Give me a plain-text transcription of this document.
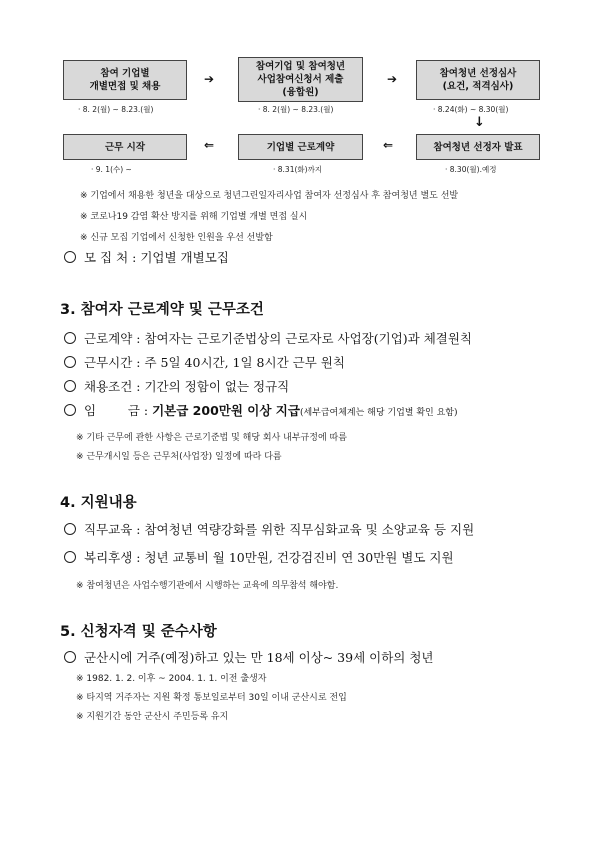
참여 기업별
개별면접 및 채용
➔
참여기업 및 참여청년
사업참여신청서 제출
(융합원)
➔	참여청년 선정심사
(요건, 적격심사)
· 8. 2(월) ~ 8.23.(월)	· 8. 2(월) ~ 8.23.(월)	· 8.24(화) ~ 8.30(월)
↓
근무 시작	⇐	기업별 근로계약	⇐	참여청년 선정자 발표
· 9. 1(수) ~	· 8.31(화)까지	· 8.30(월).예정
※ 기업에서 채용한 청년을 대상으로 청년그린일자리사업 참여자 선정심사 후 참여청년 별도 선발
※ 코로나19 감염 확산 방지를 위해 기업별 개별 면접 실시
※ 신규 모집 기업에서 신청한 인원을 우선 선발함
모 집 처 : 기업별 개별모집
3. 참여자 근로계약 및 근무조건
근로계약 : 참여자는 근로기준법상의 근로자로 사업장(기업)과 체결원칙
근무시간 : 주 5일 40시간, 1일 8시간 근무 원칙
채용조건 : 기간의 정함이 없는 정규직
임        금 : 기본급 200만원 이상 지급(세부급여체계는 해당 기업별 확인 요함)
※ 기타 근무에 관한 사항은 근로기준법 및 해당 회사 내부규정에 따름
※ 근무개시일 등은 근무처(사업장) 일정에 따라 다름
4. 지원내용
직무교육 : 참여청년 역량강화를 위한 직무심화교육 및 소양교육 등 지원
복리후생 : 청년 교통비 월 10만원, 건강검진비 연 30만원 별도 지원
※ 참여청년은 사업수행기관에서 시행하는 교육에 의무참석 해야함.
5. 신청자격 및 준수사항
군산시에 거주(예정)하고 있는 만 18세 이상~ 39세 이하의 청년
※ 1982. 1. 2. 이후 ~ 2004. 1. 1. 이전 출생자
※ 타지역 거주자는 지원 확정 통보일로부터 30일 이내 군산시로 전입
※ 지원기간 동안 군산시 주민등록 유지
